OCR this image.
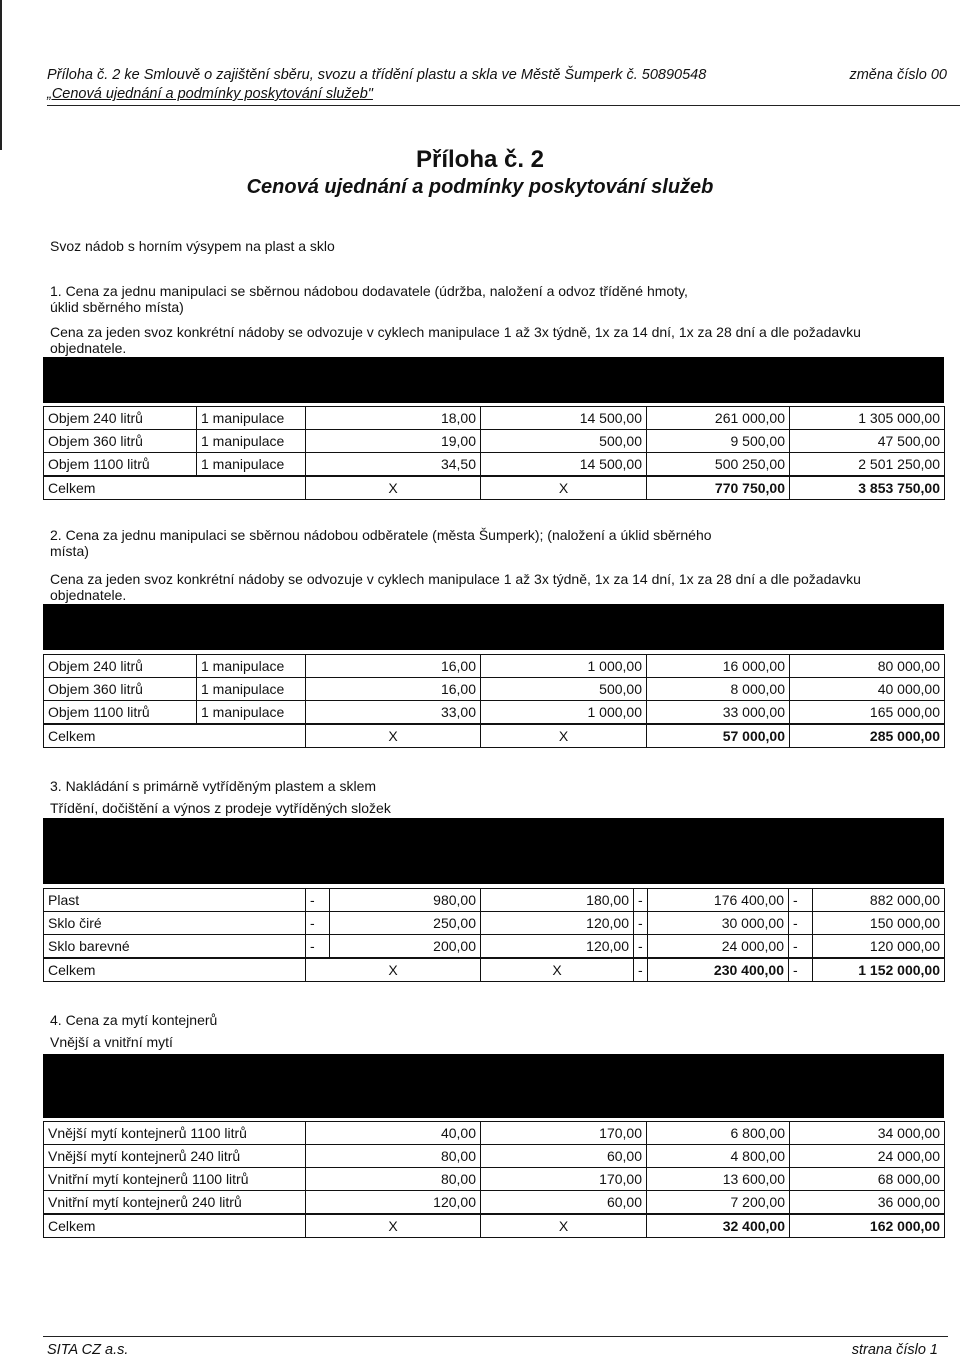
Příloha č. 2 ke Smlouvě o zajištění sběru, svozu a třídění plastu a skla ve Městě Šumperk č. 50890548	změna číslo 00
„Cenová ujednání a podmínky poskytování služeb"
Příloha č. 2
Cenová ujednání a podmínky poskytování služeb
Svoz nádob s horním výsypem na plast a sklo
1. Cena za jednu manipulaci se sběrnou nádobou dodavatele (údržba, naložení a odvoz tříděné hmoty,
úklid sběrného místa)
Cena za jeden svoz konkrétní nádoby se odvozuje v cyklech manipulace 1 až 3x týdně, 1x za 14 dní, 1x za 28 dní a dle požadavku
objednatele.
Objem 240 litrů	1 manipulace	18,00	14 500,00	261 000,00	1 305 000,00
Objem 360 litrů	1 manipulace	19,00	500,00	9 500,00	47 500,00
Objem 1100 litrů	1 manipulace	34,50	14 500,00	500 250,00	2 501 250,00
Celkem		X	X	770 750,00	3 853 750,00
2. Cena za jednu manipulaci se sběrnou nádobou odběratele (města Šumperk); (naložení a úklid sběrného
místa)
Cena za jeden svoz konkrétní nádoby se odvozuje v cyklech manipulace 1 až 3x týdně, 1x za 14 dní, 1x za 28 dní a dle požadavku
objednatele.
Objem 240 litrů	1 manipulace	16,00	1 000,00	16 000,00	80 000,00
Objem 360 litrů	1 manipulace	16,00	500,00	8 000,00	40 000,00
Objem 1100 litrů	1 manipulace	33,00	1 000,00	33 000,00	165 000,00
Celkem		X	X	57 000,00	285 000,00
3. Nakládání s primárně vytříděným plastem a sklem
Třídění, dočištění a výnos z prodeje vytříděných složek
Plast	-	980,00	180,00	-	176 400,00	-	882 000,00
Sklo čiré	-	250,00	120,00	-	30 000,00	-	150 000,00
Sklo barevné	-	200,00	120,00	-	24 000,00	-	120 000,00
Celkem	X		X	-	230 400,00	-	1 152 000,00
4. Cena za mytí kontejnerů
Vnější a vnitřní mytí
Vnější mytí kontejnerů 1100 litrů	40,00	170,00	6 800,00	34 000,00
Vnější mytí kontejnerů 240 litrů	80,00	60,00	4 800,00	24 000,00
Vnitřní mytí kontejnerů 1100 litrů	80,00	170,00	13 600,00	68 000,00
Vnitřní mytí kontejnerů 240 litrů	120,00	60,00	7 200,00	36 000,00
Celkem	X	X	32 400,00	162 000,00
SITA CZ a.s.	strana číslo 1
